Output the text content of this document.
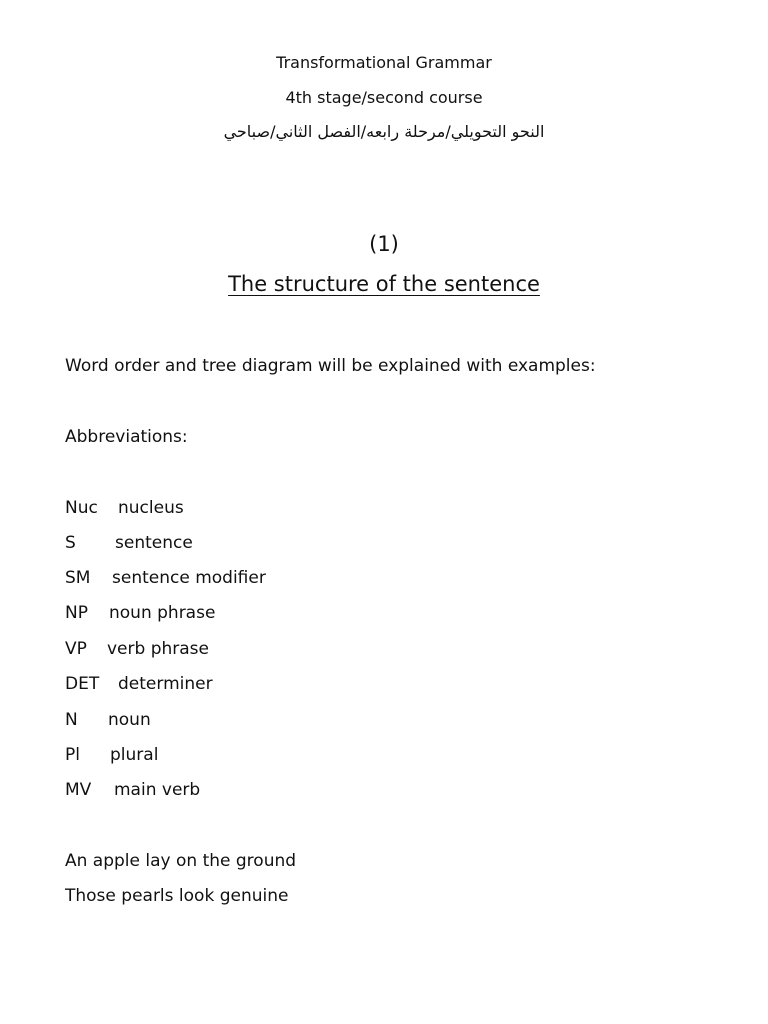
Transformational Grammar
4th stage/second course
النحو التحويلي/مرحلة رابعه/الفصل الثاني/صباحي
(1)
The structure of the sentence
Word order and tree diagram will be explained with examples:
Abbreviations:
Nuc nucleus
S sentence
SM sentence modifier
NP noun phrase
VP verb phrase
DET determiner
N noun
Pl plural
MV main verb
An apple lay on the ground
Those pearls look genuine
